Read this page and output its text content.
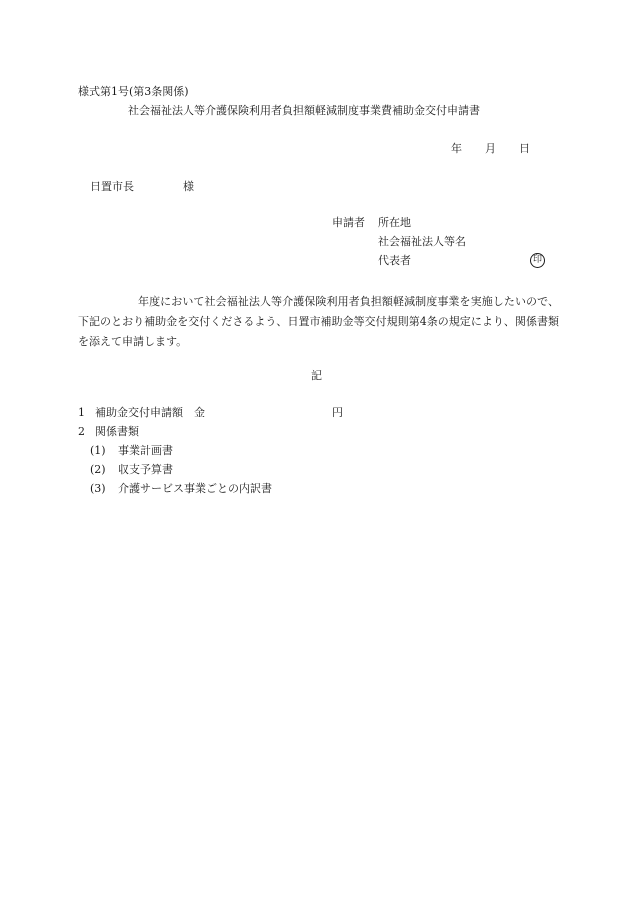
様式第1号(第3条関係)
社会福祉法人等介護保険利用者負担額軽減制度事業費補助金交付申請書
年 月 日
日置市長	様
申請者 所在地
社会福祉法人等名
代表者	印
年度において社会福祉法人等介護保険利用者負担額軽減制度事業を実施したいので、下記のとおり補助金を交付くださるよう、日置市補助金等交付規則第4条の規定により、関係書類を添えて申請します。
記
1 補助金交付申請額 金	円
2 関係書類
(1) 事業計画書
(2) 収支予算書
(3) 介護サービス事業ごとの内訳書
